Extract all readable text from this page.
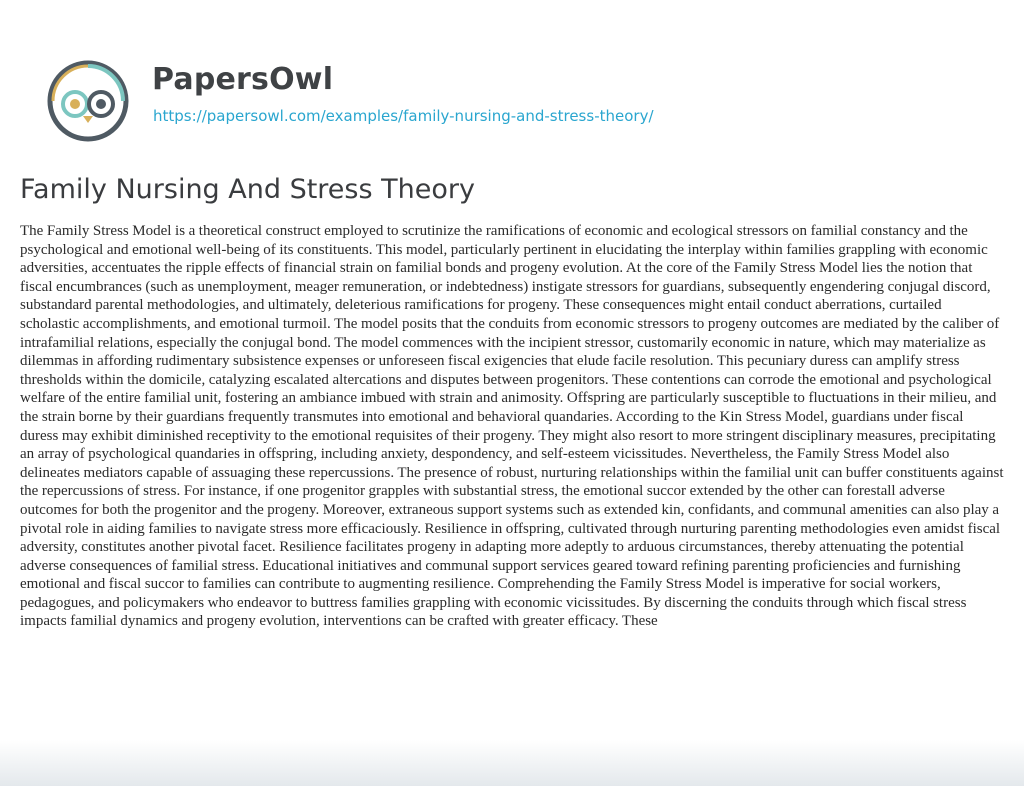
PapersOwl
https://papersowl.com/examples/family-nursing-and-stress-theory/
Family Nursing And Stress Theory

The Family Stress Model is a theoretical construct employed to scrutinize the ramifications of economic and ecological stressors on familial constancy and the psychological and emotional well-being of its constituents. This model, particularly pertinent in elucidating the interplay within families grappling with economic adversities, accentuates the ripple effects of financial strain on familial bonds and progeny evolution. At the core of the Family Stress Model lies the notion that fiscal encumbrances (such as unemployment, meager remuneration, or indebtedness) instigate stressors for guardians, subsequently engendering conjugal discord, substandard parental methodologies, and ultimately, deleterious ramifications for progeny. These consequences might entail conduct aberrations, curtailed scholastic accomplishments, and emotional turmoil. The model posits that the conduits from economic stressors to progeny outcomes are mediated by the caliber of intrafamilial relations, especially the conjugal bond. The model commences with the incipient stressor, customarily economic in nature, which may materialize as dilemmas in affording rudimentary subsistence expenses or unforeseen fiscal exigencies that elude facile resolution. This pecuniary duress can amplify stress thresholds within the domicile, catalyzing escalated altercations and disputes between progenitors. These contentions can corrode the emotional and psychological welfare of the entire familial unit, fostering an ambiance imbued with strain and animosity. Offspring are particularly susceptible to fluctuations in their milieu, and the strain borne by their guardians frequently transmutes into emotional and behavioral quandaries. According to the Kin Stress Model, guardians under fiscal duress may exhibit diminished receptivity to the emotional requisites of their progeny. They might also resort to more stringent disciplinary measures, precipitating an array of psychological quandaries in offspring, including anxiety, despondency, and self-esteem vicissitudes. Nevertheless, the Family Stress Model also delineates mediators capable of assuaging these repercussions. The presence of robust, nurturing relationships within the familial unit can buffer constituents against the repercussions of stress. For instance, if one progenitor grapples with substantial stress, the emotional succor extended by the other can forestall adverse outcomes for both the progenitor and the progeny. Moreover, extraneous support systems such as extended kin, confidants, and communal amenities can also play a pivotal role in aiding families to navigate stress more efficaciously. Resilience in offspring, cultivated through nurturing parenting methodologies even amidst fiscal adversity, constitutes another pivotal facet. Resilience facilitates progeny in adapting more adeptly to arduous circumstances, thereby attenuating the potential adverse consequences of familial stress. Educational initiatives and communal support services geared toward refining parenting proficiencies and furnishing emotional and fiscal succor to families can contribute to augmenting resilience. Comprehending the Family Stress Model is imperative for social workers, pedagogues, and policymakers who endeavor to buttress families grappling with economic vicissitudes. By discerning the conduits through which fiscal stress impacts familial dynamics and progeny evolution, interventions can be crafted with greater efficacy. These
